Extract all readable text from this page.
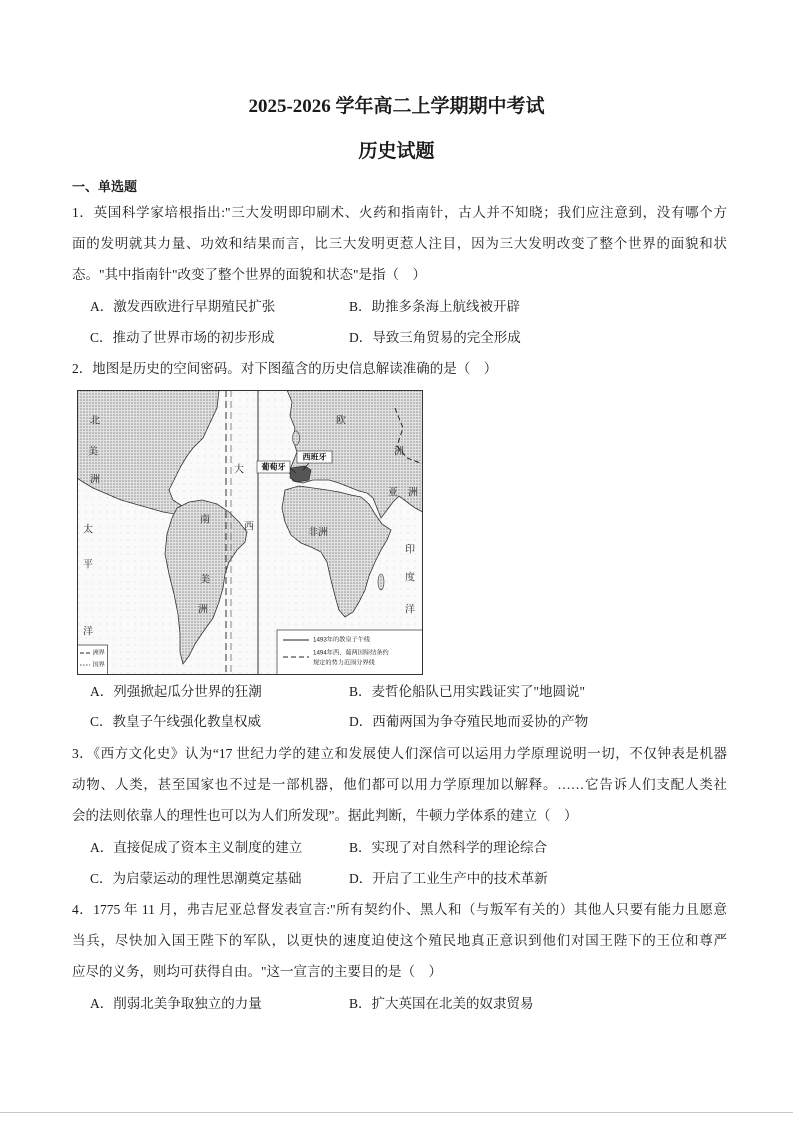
2025-2026 学年高二上学期期中考试
历史试题
一、单选题
1．英国科学家培根指出:"三大发明即印刷术、火药和指南针，古人并不知晓；我们应注意到，没有哪个方
面的发明就其力量、功效和结果而言，比三大发明更惹人注目，因为三大发明改变了整个世界的面貌和状
态。"其中指南针"改变了整个世界的面貌和状态"是指（　）
A．激发西欧进行早期殖民扩张	B．助推多条海上航线被开辟
C．推动了世界市场的初步形成	D．导致三角贸易的完全形成
2．地图是历史的空间密码。对下图蕴含的历史信息解读准确的是（　）
北
美
洲
太
平
洋
大
西
南
美
洲
欧
洲
亚 洲
非洲
印
度
洋
葡萄牙
西班牙
洲界
国界
1493年的教皇子午线
1494年西、葡两国缔结条约
规定的势力范围分界线
A．列强掀起瓜分世界的狂潮	B．麦哲伦船队已用实践证实了"地圆说"
C．教皇子午线强化教皇权威	D．西葡两国为争夺殖民地而妥协的产物
3．《西方文化史》认为“17 世纪力学的建立和发展使人们深信可以运用力学原理说明一切，不仅钟表是机器
动物、人类，甚至国家也不过是一部机器，他们都可以用力学原理加以解释。……它告诉人们支配人类社
会的法则依靠人的理性也可以为人们所发现”。据此判断，牛顿力学体系的建立（　）
A．直接促成了资本主义制度的建立	B．实现了对自然科学的理论综合
C．为启蒙运动的理性思潮奠定基础	D．开启了工业生产中的技术革新
4．1775 年 11 月，弗吉尼亚总督发表宣言:"所有契约仆、黑人和（与叛军有关的）其他人只要有能力且愿意
当兵，尽快加入国王陛下的军队，以更快的速度迫使这个殖民地真正意识到他们对国王陛下的王位和尊严
应尽的义务，则均可获得自由。"这一宣言的主要目的是（　）
A．削弱北美争取独立的力量	B．扩大英国在北美的奴隶贸易
